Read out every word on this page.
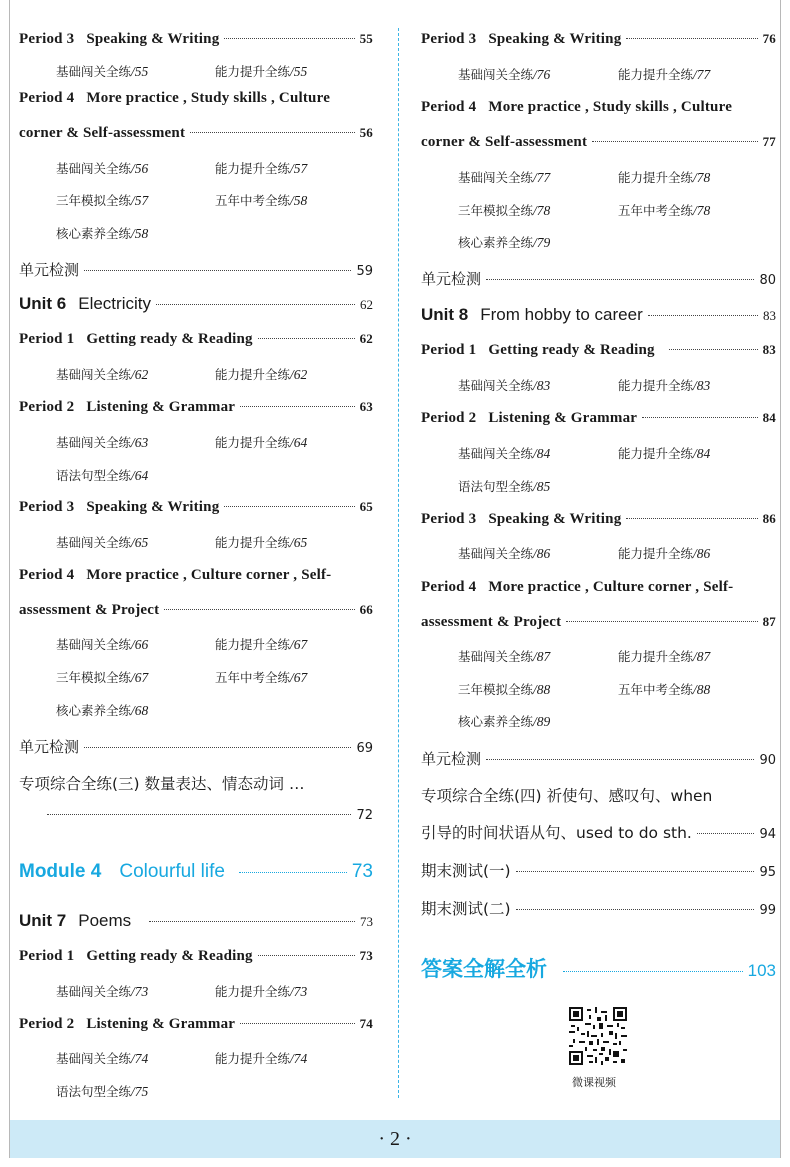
Period 3 Speaking & Writing	55
基础闯关全练/55	能力提升全练/55
Period 4 More practice , Study skills , Culture
corner & Self-assessment	56
基础闯关全练/56	能力提升全练/57
三年模拟全练/57	五年中考全练/58
核心素养全练/58
单元检测	59
Unit 6 Electricity	62
Period 1 Getting ready & Reading	62
基础闯关全练/62	能力提升全练/62
Period 2 Listening & Grammar	63
基础闯关全练/63	能力提升全练/64
语法句型全练/64
Period 3 Speaking & Writing	65
基础闯关全练/65	能力提升全练/65
Period 4 More practice , Culture corner , Self-
assessment & Project	66
基础闯关全练/66	能力提升全练/67
三年模拟全练/67	五年中考全练/67
核心素养全练/68
单元检测	69
专项综合全练(三) 数量表达、情态动词 …
72
Module 4 Colourful life	73
Unit 7 Poems	73
Period 1 Getting ready & Reading	73
基础闯关全练/73	能力提升全练/73
Period 2 Listening & Grammar	74
基础闯关全练/74	能力提升全练/74
语法句型全练/75
Period 3 Speaking & Writing	76
基础闯关全练/76	能力提升全练/77
Period 4 More practice , Study skills , Culture
corner & Self-assessment	77
基础闯关全练/77	能力提升全练/78
三年模拟全练/78	五年中考全练/78
核心素养全练/79
单元检测	80
Unit 8 From hobby to career	83
Period 1 Getting ready & Reading	83
基础闯关全练/83	能力提升全练/83
Period 2 Listening & Grammar	84
基础闯关全练/84	能力提升全练/84
语法句型全练/85
Period 3 Speaking & Writing	86
基础闯关全练/86	能力提升全练/86
Period 4 More practice , Culture corner , Self-
assessment & Project	87
基础闯关全练/87	能力提升全练/87
三年模拟全练/88	五年中考全练/88
核心素养全练/89
单元检测	90
专项综合全练(四) 祈使句、感叹句、when
引导的时间状语从句、used to do sth.	94
期末测试(一)	95
期末测试(二)	99
答案全解全析	103
微课视频
· 2 ·
